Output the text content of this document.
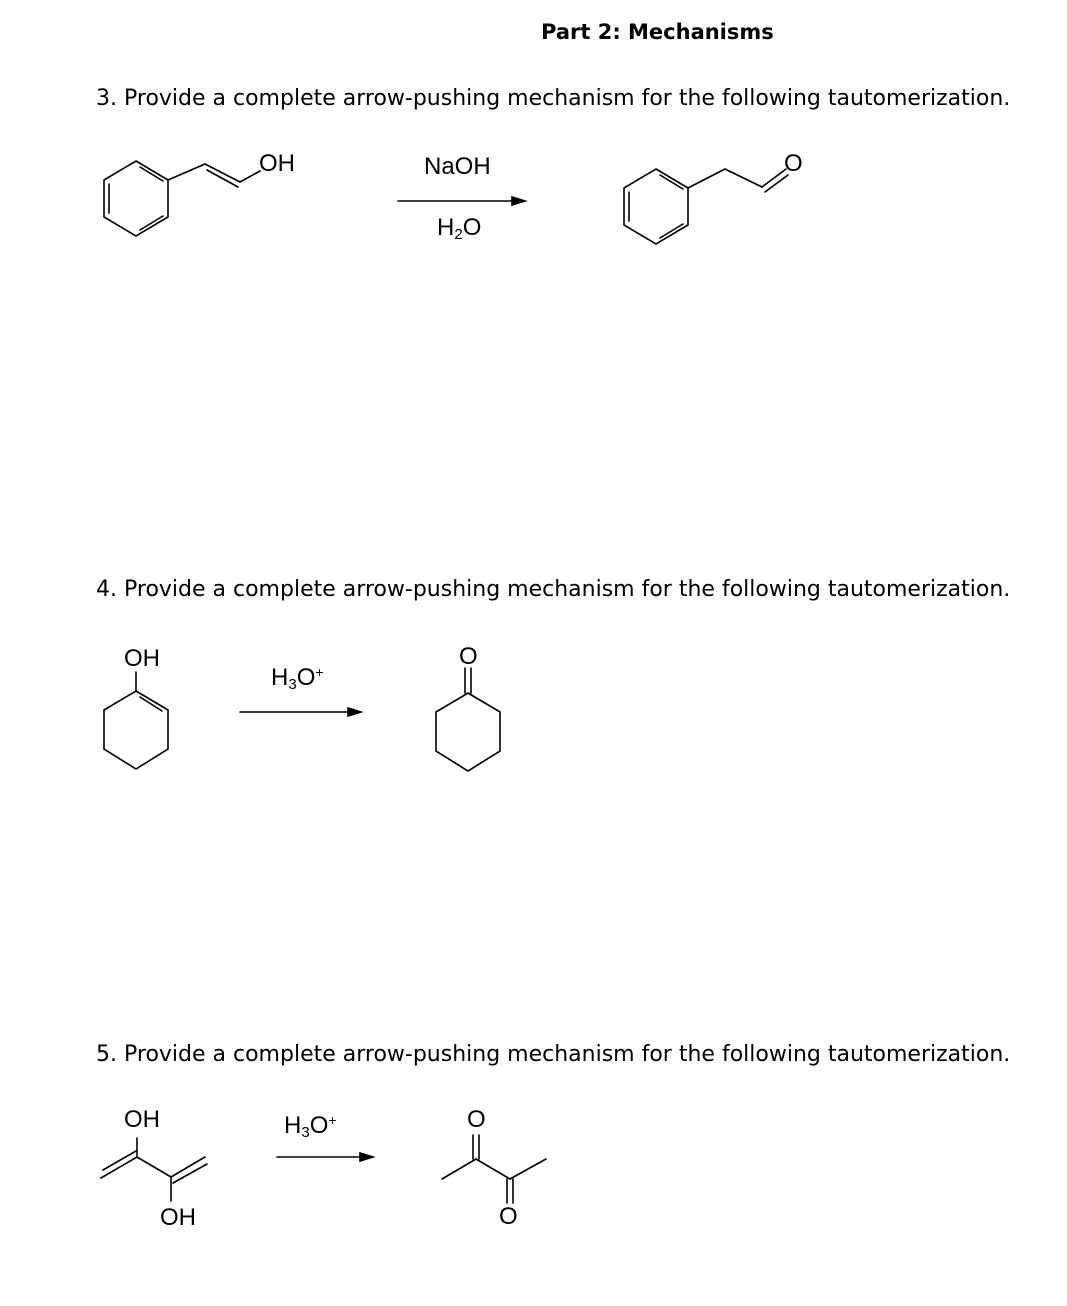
Part 2: Mechanisms
3. Provide a complete arrow-pushing mechanism for the following tautomerization.
4. Provide a complete arrow-pushing mechanism for the following tautomerization.
5. Provide a complete arrow-pushing mechanism for the following tautomerization.
OH	NaOH
$H_2O$
O
OH
$H_3O^+$
O
OH
OH
$H_3O^+$	O
O
